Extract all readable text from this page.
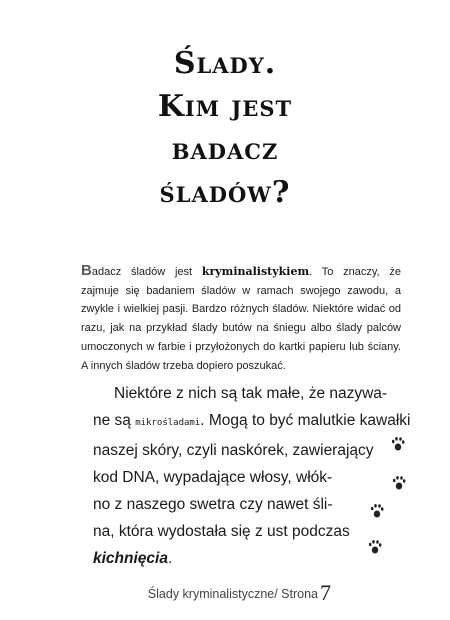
Ślady.
Kim jest
badacz
śladów?
Badacz śladów jest kryminalistykiem. To znaczy, że zajmuje się badaniem śladów w ramach swojego zawodu, a zwykle i wielkiej pasji. Bardzo różnych śladów. Niektóre widać od razu, jak na przykład ślady butów na śniegu albo ślady palców umoczonych w farbie i przyłożonych do kartki papieru lub ściany. A innych śladów trzeba dopiero poszukać.
Niektóre z nich są tak małe, że nazywa-
ne są mikrośladami. Mogą to być malutkie kawałki
naszej skóry, czyli naskórek, zawierający
kod DNA, wypadające włosy, włók-
no z naszego swetra czy nawet śli-
na, która wydostała się z ust podczas
kichnięcia.
Ślady kryminalistyczne/ Strona7
